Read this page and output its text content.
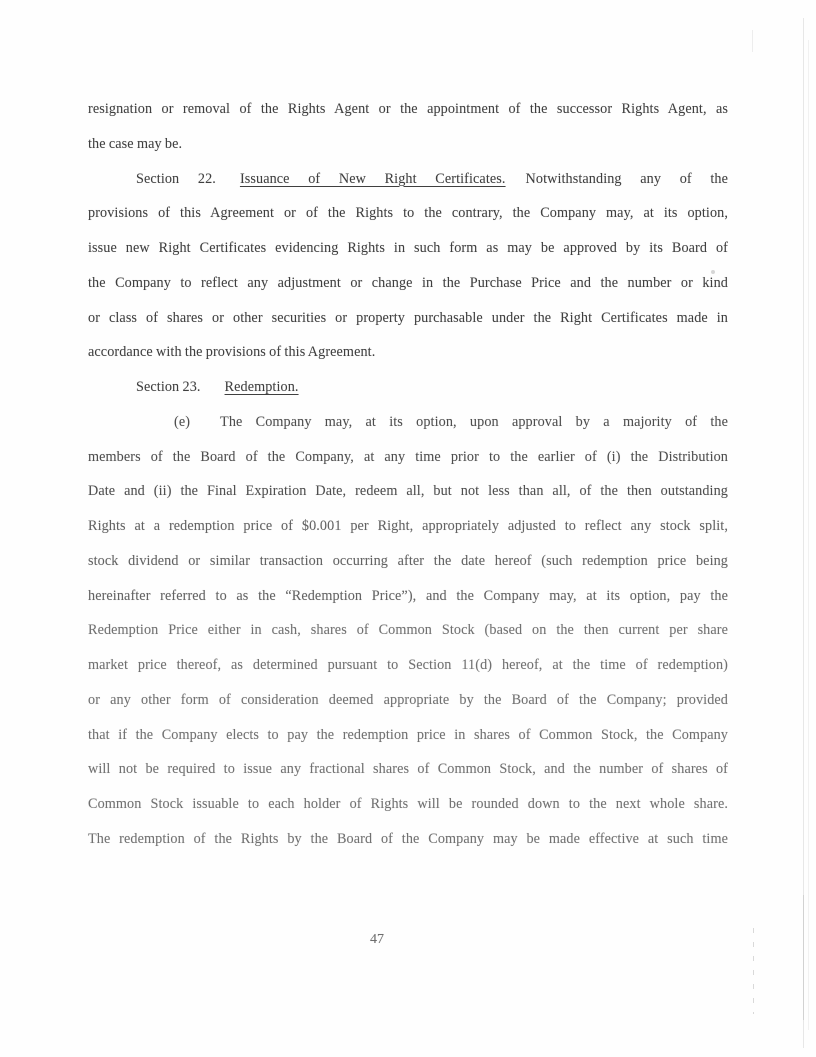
resignation or removal of the Rights Agent or the appointment of the successor Rights Agent, as
the case may be.
Section 22. Issuance of New Right Certificates. Notwithstanding any of the
provisions of this Agreement or of the Rights to the contrary, the Company may, at its option,
issue new Right Certificates evidencing Rights in such form as may be approved by its Board of
the Company to reflect any adjustment or change in the Purchase Price and the number or kind
or class of shares or other securities or property purchasable under the Right Certificates made in
accordance with the provisions of this Agreement.
Section 23. Redemption.
(e) The Company may, at its option, upon approval by a majority of the
members of the Board of the Company, at any time prior to the earlier of (i) the Distribution
Date and (ii) the Final Expiration Date, redeem all, but not less than all, of the then outstanding
Rights at a redemption price of $0.001 per Right, appropriately adjusted to reflect any stock split,
stock dividend or similar transaction occurring after the date hereof (such redemption price being
hereinafter referred to as the “Redemption Price”), and the Company may, at its option, pay the
Redemption Price either in cash, shares of Common Stock (based on the then current per share
market price thereof, as determined pursuant to Section 11(d) hereof, at the time of redemption)
or any other form of consideration deemed appropriate by the Board of the Company; provided
that if the Company elects to pay the redemption price in shares of Common Stock, the Company
will not be required to issue any fractional shares of Common Stock, and the number of shares of
Common Stock issuable to each holder of Rights will be rounded down to the next whole share.
The redemption of the Rights by the Board of the Company may be made effective at such time
47
